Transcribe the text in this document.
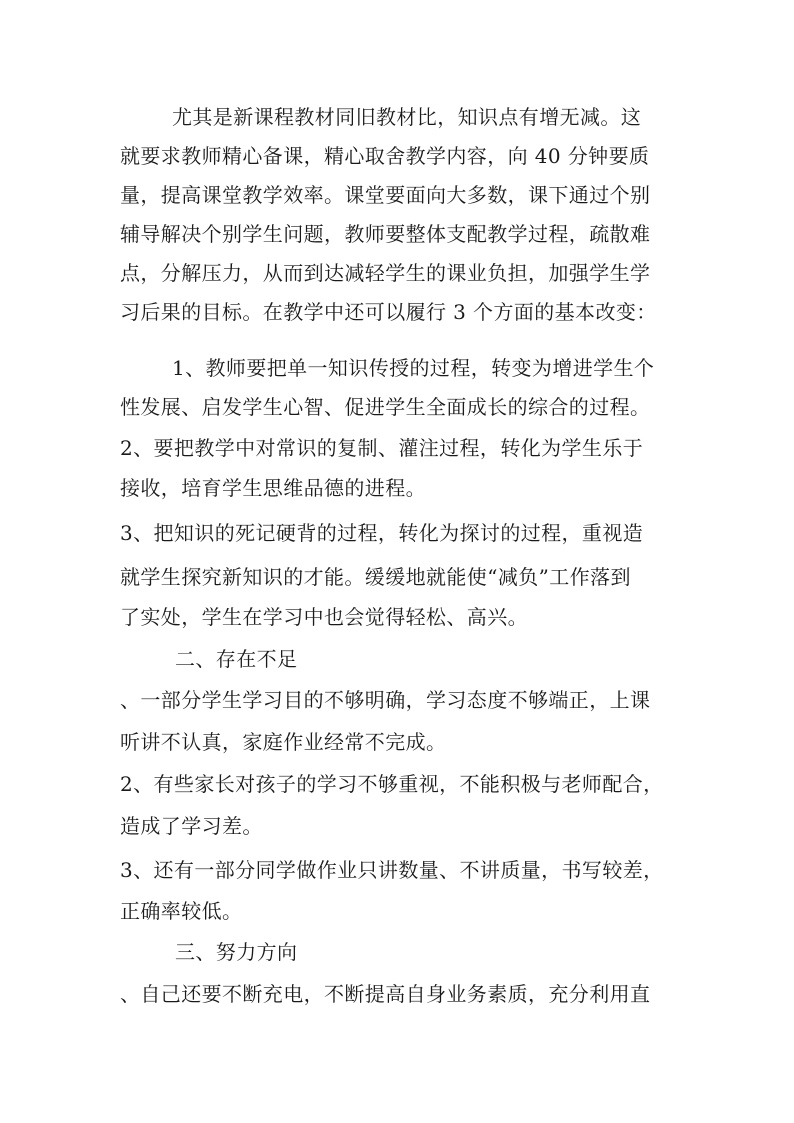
尤其是新课程教材同旧教材比，知识点有增无减。这
就要求教师精心备课，精心取舍教学内容，向 40 分钟要质
量，提高课堂教学效率。课堂要面向大多数，课下通过个别
辅导解决个别学生问题，教师要整体支配教学过程，疏散难
点，分解压力，从而到达减轻学生的课业负担，加强学生学
习后果的目标。在教学中还可以履行 3 个方面的基本改变：
1、教师要把单一知识传授的过程，转变为增进学生个
性发展、启发学生心智、促进学生全面成长的综合的过程。
2、要把教学中对常识的复制、灌注过程，转化为学生乐于
接收，培育学生思维品德的进程。
3、把知识的死记硬背的过程，转化为探讨的过程，重视造
就学生探究新知识的才能。缓缓地就能使“减负”工作落到
了实处，学生在学习中也会觉得轻松、高兴。
二、存在不足
、一部分学生学习目的不够明确，学习态度不够端正，上课
听讲不认真，家庭作业经常不完成。
2、有些家长对孩子的学习不够重视，不能积极与老师配合，
造成了学习差。
3、还有一部分同学做作业只讲数量、不讲质量，书写较差，
正确率较低。
三、努力方向
、自己还要不断充电，不断提高自身业务素质，充分利用直
